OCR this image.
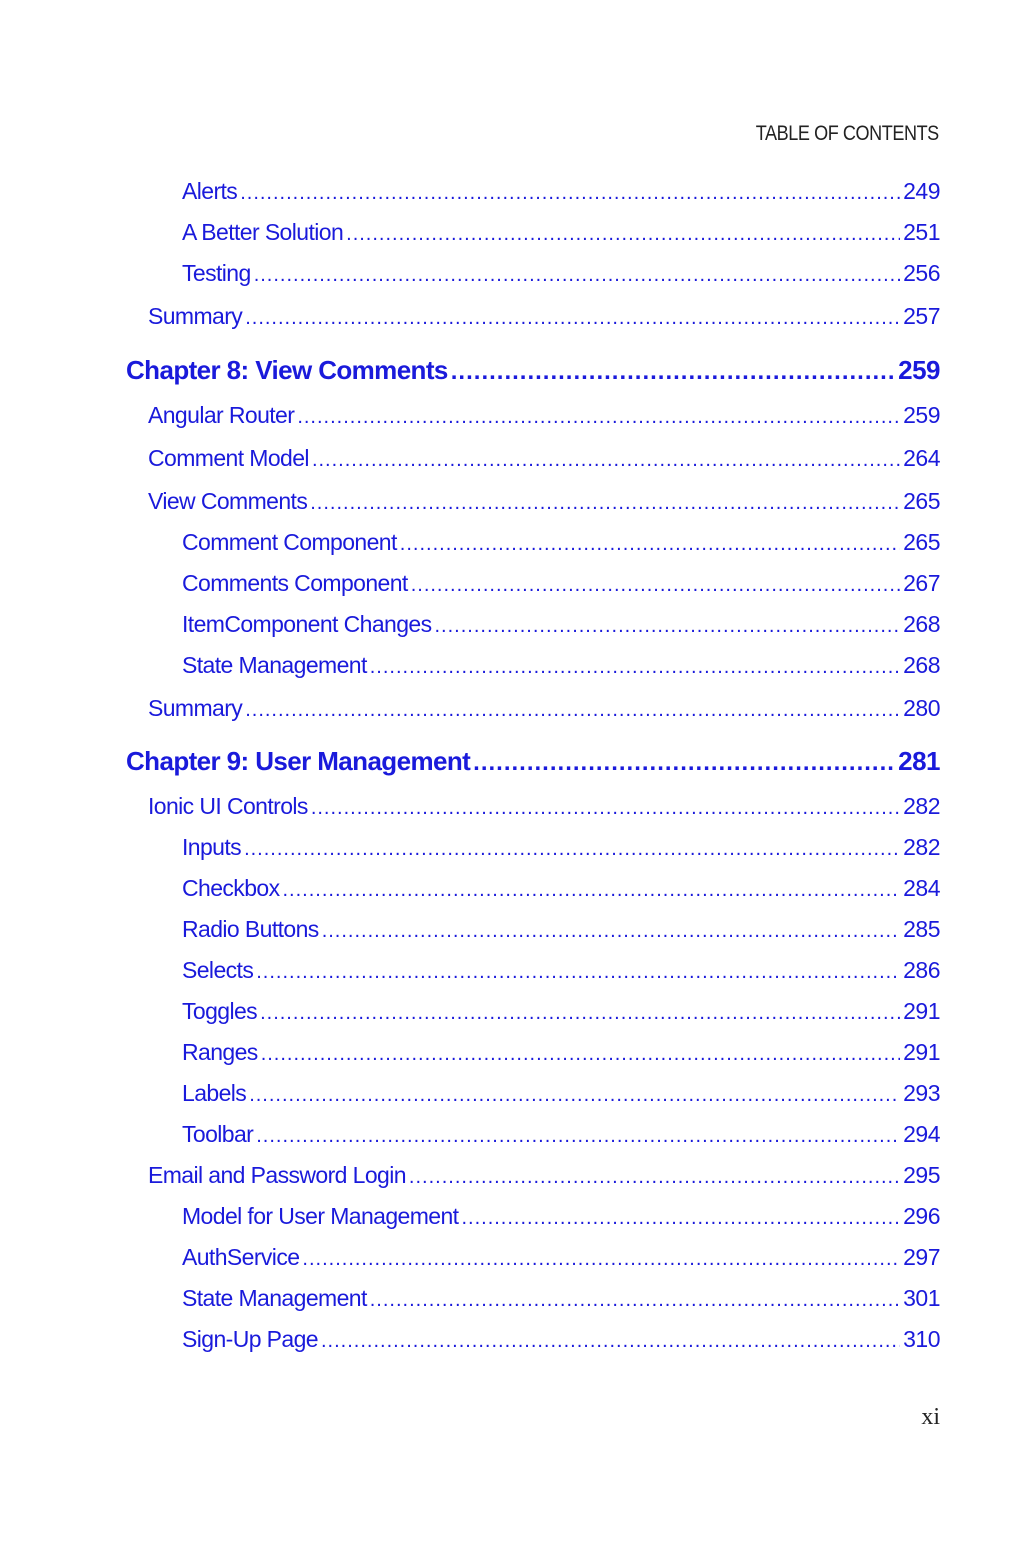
TABLE OF CONTENTS
Alerts .....	249
A Better Solution .....	251
Testing .....	256
Summary .....	257
Chapter 8: View Comments .....	259
Angular Router .....	259
Comment Model .....	264
View Comments .....	265
Comment Component .....	265
Comments Component .....	267
ItemComponent Changes .....	268
State Management .....	268
Summary .....	280
Chapter 9: User Management .....	281
Ionic UI Controls .....	282
Inputs .....	282
Checkbox .....	284
Radio Buttons .....	285
Selects .....	286
Toggles .....	291
Ranges .....	291
Labels .....	293
Toolbar .....	294
Email and Password Login .....	295
Model for User Management .....	296
AuthService .....	297
State Management .....	301
Sign-Up Page .....	310
xi
